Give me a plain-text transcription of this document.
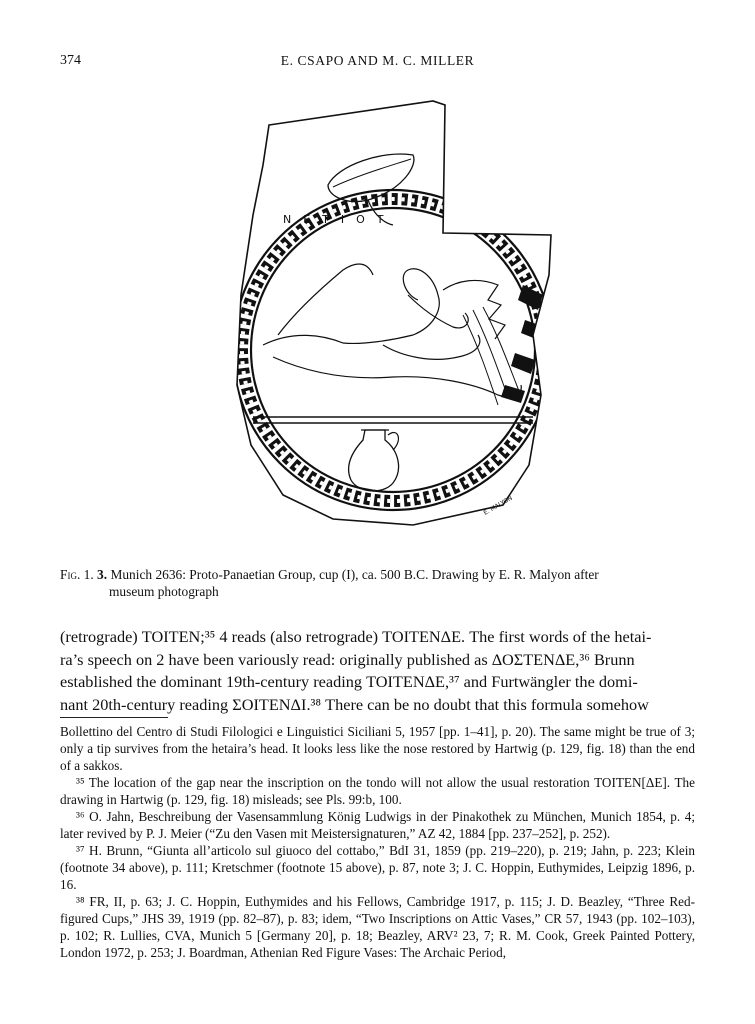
374	E. CSAPO AND M. C. MILLER
ΝΕΤΙΟΤ
E. MALYON
Fig. 1. 3. Munich 2636: Proto-Panaetian Group, cup (I), ca. 500 B.C. Drawing by E. R. Malyon after
museum photograph
(retrograde) ΤΟΙΤΕΝ;³⁵ 4 reads (also retrograde) ΤΟΙΤΕΝΔΕ. The first words of the hetai-
ra’s speech on 2 have been variously read: originally published as ΔΟΣΤΕΝΔΕ,³⁶ Brunn
established the dominant 19th-century reading ΤΟΙΤΕΝΔΕ,³⁷ and Furtwängler the domi-
nant 20th-century reading ΣΟΙΤΕΝΔΙ.³⁸ There can be no doubt that this formula somehow

Bollettino del Centro di Studi Filologici e Linguistici Siciliani 5, 1957 [pp. 1–41], p. 20). The same might be true of 3; only a tip survives from the hetaira’s head. It looks less like the nose restored by Hartwig (p. 129, fig. 18) than the end of a sakkos.

³⁵ The location of the gap near the inscription on the tondo will not allow the usual restoration ΤΟΙΤΕΝ[ΔΕ]. The drawing in Hartwig (p. 129, fig. 18) misleads; see Pls. 99:b, 100.

³⁶ O. Jahn, Beschreibung der Vasensammlung König Ludwigs in der Pinakothek zu München, Munich 1854, p. 4; later revived by P. J. Meier (“Zu den Vasen mit Meistersignaturen,” AZ 42, 1884 [pp. 237–252], p. 252).

³⁷ H. Brunn, “Giunta all’articolo sul giuoco del cottabo,” BdI 31, 1859 (pp. 219–220), p. 219; Jahn, p. 223; Klein (footnote 34 above), p. 111; Kretschmer (footnote 15 above), p. 87, note 3; J. C. Hoppin, Euthymides, Leipzig 1896, p. 16.

³⁸ FR, II, p. 63; J. C. Hoppin, Euthymides and his Fellows, Cambridge 1917, p. 115; J. D. Beazley, “Three Red-figured Cups,” JHS 39, 1919 (pp. 82–87), p. 83; idem, “Two Inscriptions on Attic Vases,” CR 57, 1943 (pp. 102–103), p. 102; R. Lullies, CVA, Munich 5 [Germany 20], p. 18; Beazley, ARV² 23, 7; R. M. Cook, Greek Painted Pottery, London 1972, p. 253; J. Boardman, Athenian Red Figure Vases: The Archaic Period,
